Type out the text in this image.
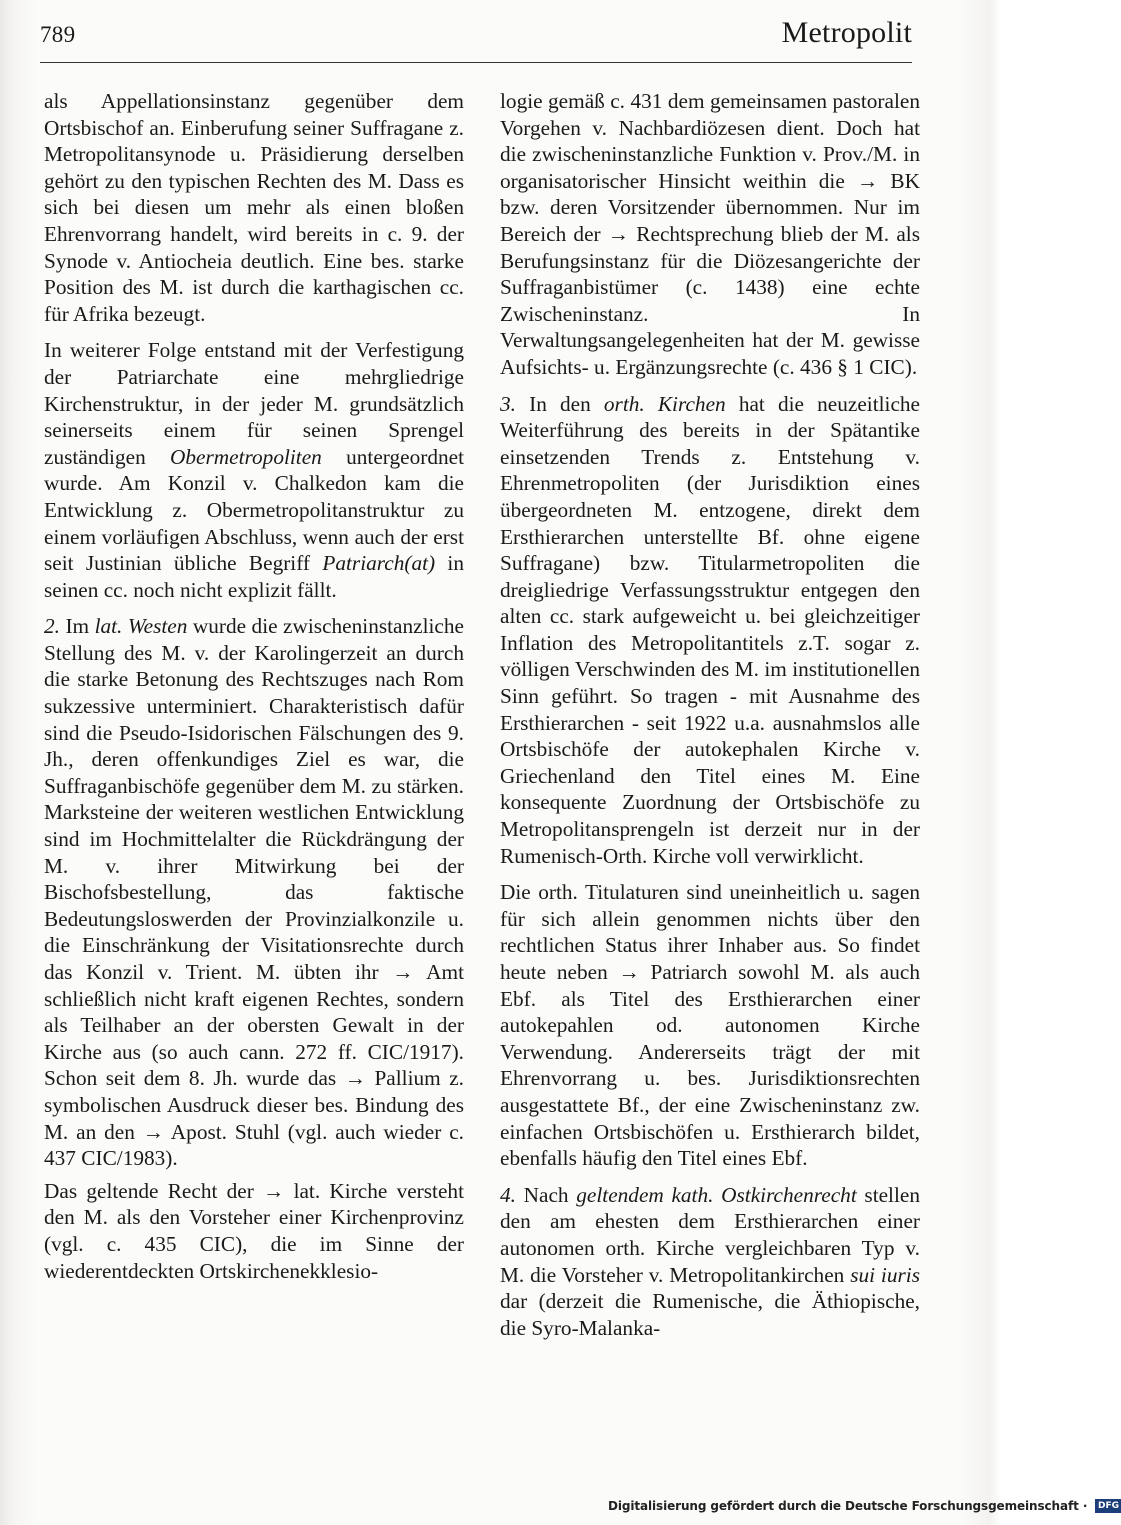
789	Metropolit

als Appellationsinstanz gegenüber dem Ortsbischof an. Einberufung seiner Suffragane z. Metropolitansynode u. Präsidierung derselben gehört zu den typischen Rechten des M. Dass es sich bei diesen um mehr als einen bloßen Ehrenvorrang handelt, wird bereits in c. 9. der Synode v. Antiocheia deutlich. Eine bes. starke Position des M. ist durch die karthagischen cc. für Afrika bezeugt.

In weiterer Folge entstand mit der Verfestigung der Patriarchate eine mehrgliedrige Kirchenstruktur, in der jeder M. grundsätzlich seinerseits einem für seinen Sprengel zuständigen Obermetropoliten untergeordnet wurde. Am Konzil v. Chalkedon kam die Entwicklung z. Obermetropolitanstruktur zu einem vorläufigen Abschluss, wenn auch der erst seit Justinian übliche Begriff Patriarch(at) in seinen cc. noch nicht explizit fällt.

2. Im lat. Westen wurde die zwischeninstanzliche Stellung des M. v. der Karolingerzeit an durch die starke Betonung des Rechtszuges nach Rom sukzessive unterminiert. Charakteristisch dafür sind die Pseudo-Isidorischen Fälschungen des 9. Jh., deren offenkundiges Ziel es war, die Suffraganbischöfe gegenüber dem M. zu stärken. Marksteine der weiteren westlichen Entwicklung sind im Hochmittelalter die Rückdrängung der M. v. ihrer Mitwirkung bei der Bischofsbestellung, das faktische Bedeutungsloswerden der Provinzialkonzile u. die Einschränkung der Visitationsrechte durch das Konzil v. Trient. M. übten ihr → Amt schließlich nicht kraft eigenen Rechtes, sondern als Teilhaber an der obersten Gewalt in der Kirche aus (so auch cann. 272 ff. CIC/1917). Schon seit dem 8. Jh. wurde das → Pallium z. symbolischen Ausdruck dieser bes. Bindung des M. an den → Apost. Stuhl (vgl. auch wieder c. 437 CIC/1983).

Das geltende Recht der → lat. Kirche versteht den M. als den Vorsteher einer Kirchenprovinz (vgl. c. 435 CIC), die im Sinne der wiederentdeckten Ortskirchenekklesio-

logie gemäß c. 431 dem gemeinsamen pastoralen Vorgehen v. Nachbardiözesen dient. Doch hat die zwischeninstanzliche Funktion v. Prov./M. in organisatorischer Hinsicht weithin die → BK bzw. deren Vorsitzender übernommen. Nur im Bereich der → Rechtsprechung blieb der M. als Berufungsinstanz für die Diözesangerichte der Suffraganbistümer (c. 1438) eine echte Zwischeninstanz. In Verwaltungsangelegenheiten hat der M. gewisse Aufsichts- u. Ergänzungsrechte (c. 436 § 1 CIC).

3. In den orth. Kirchen hat die neuzeitliche Weiterführung des bereits in der Spätantike einsetzenden Trends z. Entstehung v. Ehrenmetropoliten (der Jurisdiktion eines übergeordneten M. entzogene, direkt dem Ersthierarchen unterstellte Bf. ohne eigene Suffragane) bzw. Titularmetropoliten die dreigliedrige Verfassungsstruktur entgegen den alten cc. stark aufgeweicht u. bei gleichzeitiger Inflation des Metropolitantitels z.T. sogar z. völligen Verschwinden des M. im institutionellen Sinn geführt. So tragen - mit Ausnahme des Ersthierarchen - seit 1922 u.a. ausnahmslos alle Ortsbischöfe der autokephalen Kirche v. Griechenland den Titel eines M. Eine konsequente Zuordnung der Ortsbischöfe zu Metropolitansprengeln ist derzeit nur in der Rumenisch-Orth. Kirche voll verwirklicht.

Die orth. Titulaturen sind uneinheitlich u. sagen für sich allein genommen nichts über den rechtlichen Status ihrer Inhaber aus. So findet heute neben → Patriarch sowohl M. als auch Ebf. als Titel des Ersthierarchen einer autokepahlen od. autonomen Kirche Verwendung. Andererseits trägt der mit Ehrenvorrang u. bes. Jurisdiktionsrechten ausgestattete Bf., der eine Zwischeninstanz zw. einfachen Ortsbischöfen u. Ersthierarch bildet, ebenfalls häufig den Titel eines Ebf.

4. Nach geltendem kath. Ostkirchenrecht stellen den am ehesten dem Ersthierarchen einer autonomen orth. Kirche vergleichbaren Typ v. M. die Vorsteher v. Metropolitankirchen sui iuris dar (derzeit die Rumenische, die Äthiopische, die Syro-Malanka-

Digitalisierung gefördert durch die Deutsche Forschungsgemeinschaft · DFG
